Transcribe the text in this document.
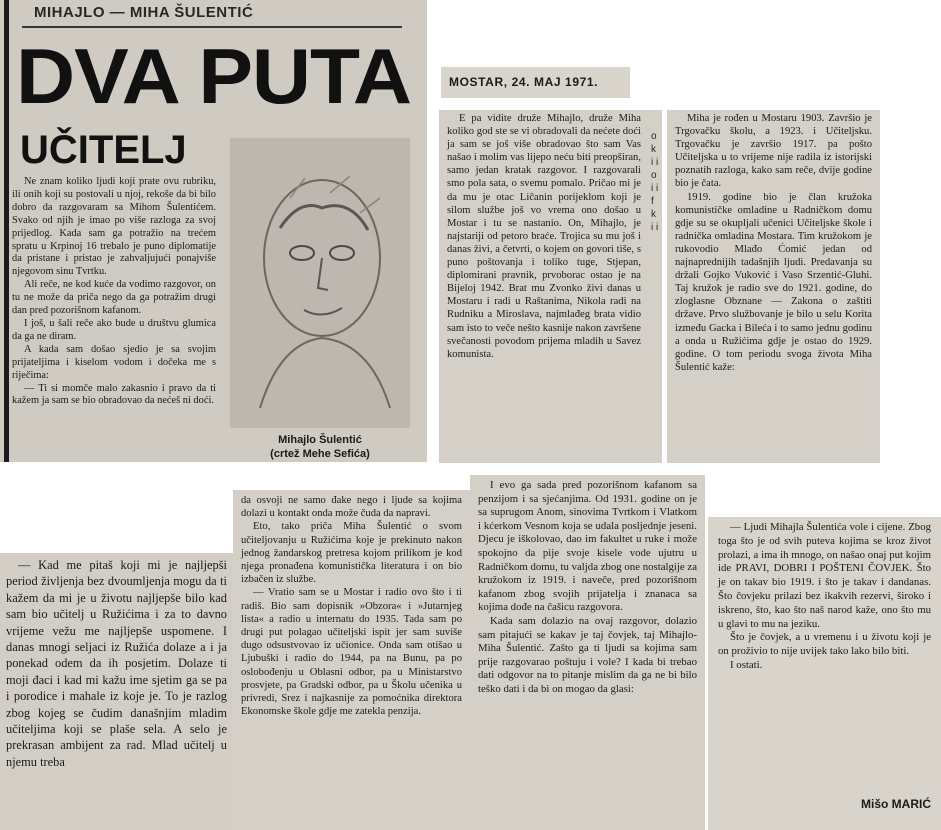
MIHAJLO — MIHA ŠULENTIĆ
DVA PUTA
UČITELJ

Ne znam koliko ljudi koji prate ovu rubriku, ili onih koji su postovali u njoj, rekoše da bi bilo dobro da razgovaram sa Mihom Šulentićem. Svako od njih je imao po više razloga za svoj prijedlog. Kada sam ga potražio na trećem spratu u Krpinoj 16 trebalo je puno diplomatije da pristane i pristao je zahvaljujući ponajviše njegovom sinu Tvrtku.

Ali reče, ne kod kuće da vodimo razgovor, on tu ne može da priča nego da ga potražim drugi dan pred pozorišnom kafanom.

I još, u šali reče ako bude u društvu glumica da ga ne diram.

A kada sam došao sjedio je sa svojim prijateljima i kiselom vodom i dočeka me s riječima:

— Ti si momče malo zakasnio i pravo da ti kažem ja sam se bio obradovao da nećeš ni doći.

Mihajlo Šulentić
(crtež Mehe Sefića)
MOSTAR, 24. MAJ 1971.

E pa vidite druže Mihajlo, druže Miha koliko god ste se vi obradovali da nećete doći ja sam se još više obradovao što sam Vas našao i molim vas lijepo neću biti preopširan, samo jedan kratak razgovor. I razgovarali smo pola sata, o svemu pomalo. Pričao mi je da mu je otac Ličanin porijeklom koji je silom službe još vo vrema ono došao u Mostar i tu se nastanio. On, Mihajlo, je najstariji od petoro braće. Trojica su mu još i danas živi, a četvrti, o kojem on govori tiše, s puno poštovanja i toliko tuge, Stjepan, diplomirani pravnik, prvoborac ostao je na Bijeloj 1942. Brat mu Zvonko živi danas u Mostaru i radi u Raštanima, Nikola radi na Rudniku a Miroslava, najmlađeg brata vidio sam isto to veče nešto kasnije nakon završene svečanosti povodom prijema mladih u Savez komunista.

o k i i o i i f k i i

Miha je rođen u Mostaru 1903. Završio je Trgovačku školu, a 1923. i Učiteljsku. Trgovačku je završio 1917. pa pošto Učiteljska u to vrijeme nije radila iz istorijski poznatih razloga, kako sam reče, dvije godine bio je čata.

1919. godine bio je član kružoka komunističke omladine u Radničkom domu gdje su se okupljali učenici Učiteljske škole i radnička omladina Mostara. Tim kružokom je rukovodio Mlađo Ćomić jedan od najnaprednijih tadašnjih ljudi. Predavanja su držali Gojko Vuković i Vaso Srzentić-Gluhi. Taj kružok je radio sve do 1921. godine, do zloglasne Obznane — Zakona o zaštiti države. Prvo službovanje je bilo u selu Korita između Gacka i Bileća i to samo jednu godinu a onda u Ružićima gdje je ostao do 1929. godine. O tom periodu svoga života Miha Šulentić kaže:

— Kad me pitaš koji mi je najljepši period življenja bez dvoumljenja mogu da ti kažem da mi je u životu najljepše bilo kad sam bio učitelj u Ružićima i za to davno vrijeme vežu me najljepše uspomene. I danas mnogi seljaci iz Ružića dolaze a i ja ponekad odem da ih posjetim. Dolaze ti moji đaci i kad mi kažu ime sjetim ga se pa i porodice i mahale iz koje je. To je razlog zbog kojeg se čudim današnjim mladim učiteljima koji se plaše sela. A selo je prekrasan ambijent za rad. Mlad učitelj u njemu treba

da osvoji ne samo đake nego i ljude sa kojima dolazi u kontakt onda može čuda da napravi.

Eto, tako priča Miha Šulentić o svom učiteljovanju u Ružićima koje je prekinuto nakon jednog žandarskog pretresa kojom prilikom je kod njega pronađena komunistička literatura i on bio izbačen iz službe.

— Vratio sam se u Mostar i radio ovo što i ti radiš. Bio sam dopisnik »Obzora« i »Jutarnjeg lista« a radio u internatu do 1935. Tada sam po drugi put polagao učiteljski ispit jer sam suviše dugo odsustvovao iz učionice. Onda sam otišao u Ljubuški i radio do 1944, pa na Bunu, pa po oslobođenju u Oblasni odbor, pa u Ministarstvo prosvjete, pa Gradski odbor, pa u Školu učenika u privredi, Srez i najkasnije za pomoćnika direktora Ekonomske škole gdje me zatekla penzija.

I evo ga sada pred pozorišnom kafanom sa penzijom i sa sjećanjima. Od 1931. godine on je sa suprugom Anom, sinovima Tvrtkom i Vlatkom i kćerkom Vesnom koja se udala posljednje jeseni. Djecu je iškolovao, dao im fakultet u ruke i može spokojno da pije svoje kisele vode ujutru u Radničkom domu, tu valjda zbog one nostalgije za kružokom iz 1919. i naveče, pred pozorišnom kafanom zbog svojih prijatelja i znanaca sa kojima dođe na čašicu razgovora.

Kada sam dolazio na ovaj razgovor, dolazio sam pitajući se kakav je taj čovjek, taj Mihajlo-Miha Šulentić. Zašto ga ti ljudi sa kojima sam prije razgovarao poštuju i vole? I kada bi trebao dati odgovor na to pitanje mislim da ga ne bi bilo teško dati i da bi on mogao da glasi:

— Ljudi Mihajla Šulentića vole i cijene. Zbog toga što je od svih puteva kojima se kroz život prolazi, a ima ih mnogo, on našao onaj put kojim ide PRAVI, DOBRI I POŠTENI ČOVJEK. Što je on takav bio 1919. i što je takav i dandanas. Što čovjeku prilazi bez ikakvih rezervi, široko i iskreno, što, kao što naš narod kaže, ono što mu u glavi to mu na jeziku.

Što je čovjek, a u vremenu i u životu koji je on proživio to nije uvijek tako lako bilo biti.

I ostati.

Mišo MARIĆ
